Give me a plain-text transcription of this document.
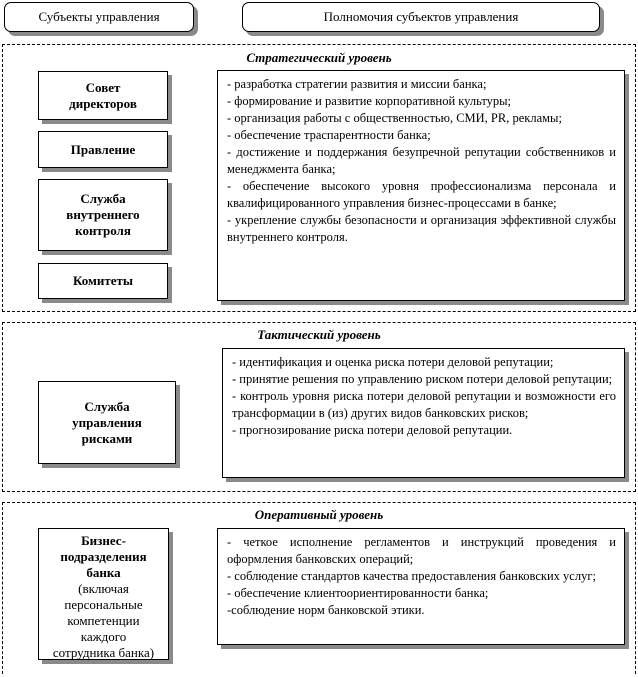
Субъекты управления	Полномочия субъектов управления
Стратегический уровень
Совет
директоров
Правление
Служба
внутреннего
контроля
Комитеты
- разработка стратегии развития и миссии банка;
- формирование и развитие корпоративной культуры;
- организация работы с общественностью, СМИ, PR, рекламы;
- обеспечение траспарентности банка;
- достижение и поддержания безупречной репутации собственников и менеджмента банка;
- обеспечение высокого уровня профессионализма персонала и квалифицированного управления бизнес-процессами в банке;
- укрепление службы безопасности и организация эффективной службы внутреннего контроля.
Тактический уровень
Служба
управления
рисками
- идентификация и оценка риска потери деловой репутации;
- принятие решения по управлению риском потери деловой репутации;
- контроль уровня риска потери деловой репутации и возможности его трансформации в (из) других видов банковских рисков;
- прогнозирование риска потери деловой репутации.
Оперативный уровень
Бизнес-
подразделения
банка
(включая
персональные
компетенции
каждого
сотрудника банка)
- четкое исполнение регламентов и инструкций проведения и оформления банковских операций;
- соблюдение стандартов качества предоставления банковских услуг;
- обеспечение клиентоориентированности банка;
-соблюдение норм банковской этики.
